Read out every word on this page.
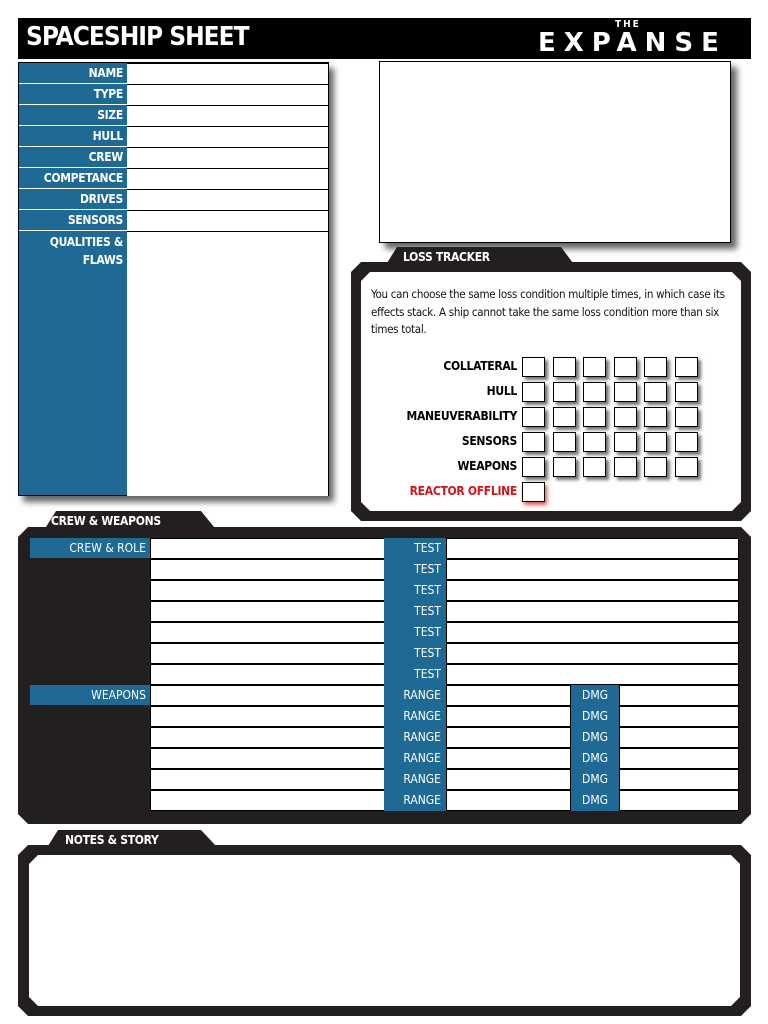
SPACESHIP SHEET	THE
EXPANSE
NAME
TYPE
SIZE
HULL
CREW
COMPETANCE
DRIVES
SENSORS
QUALITIES &
FLAWS	LOSS TRACKER
You can choose the same loss condition multiple times, in which case its effects stack. A ship cannot take the same loss condition more than six times total.
COLLATERAL
HULL
MANEUVERABILITY
SENSORS
WEAPONS
REACTOR OFFLINE
CREW & WEAPONS
CREW & ROLE	TEST
TEST
TEST
TEST
TEST
TEST
TEST
WEAPONS	RANGE	DMG
RANGE	DMG
RANGE	DMG
RANGE	DMG
RANGE	DMG
RANGE	DMG
NOTES & STORY
